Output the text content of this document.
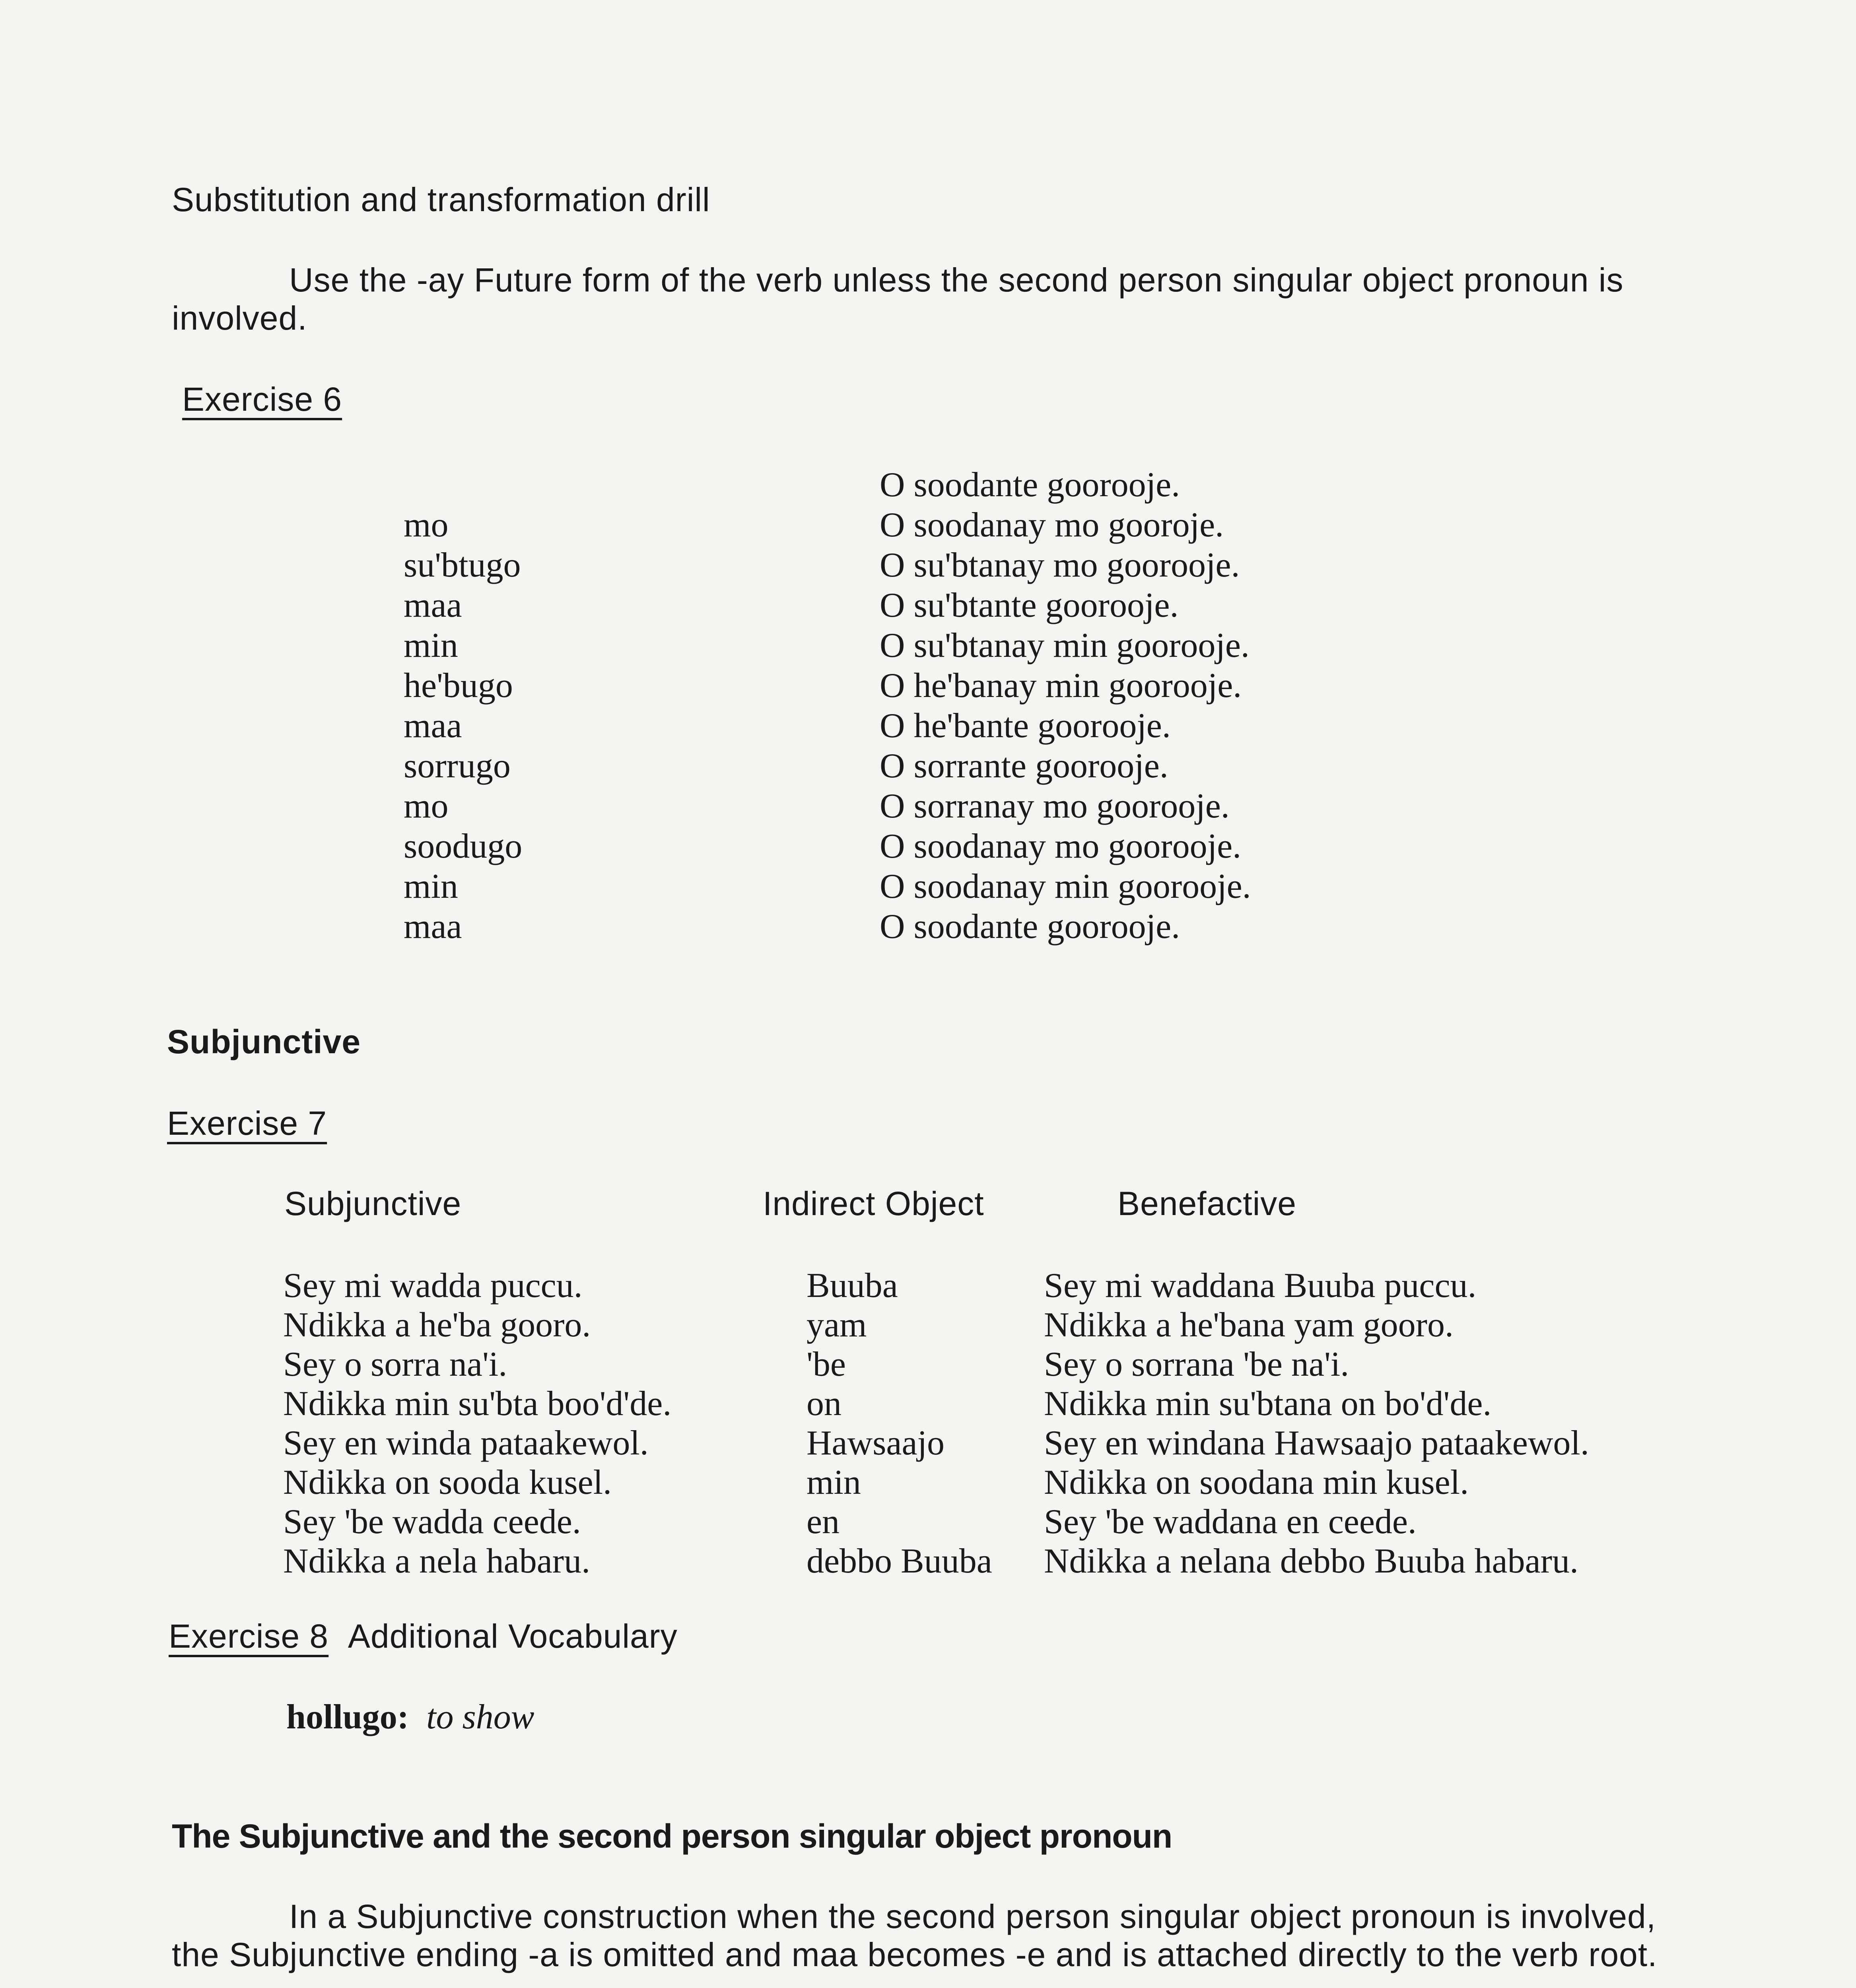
Substitution and transformation drill
Use the -ay Future form of the verb unless the second person singular object pronoun is involved.
Exercise 6
mo
su'btugo
maa
min
he'bugo
maa
sorrugo
mo
soodugo
min
maa
O soodante goorooje.
O soodanay mo gooroje.
O su'btanay mo goorooje.
O su'btante goorooje.
O su'btanay min goorooje.
O he'banay min goorooje.
O he'bante goorooje.
O sorrante goorooje.
O sorranay mo goorooje.
O soodanay mo goorooje.
O soodanay min goorooje.
O soodante goorooje.
Subjunctive
Exercise 7
Subjunctive	Indirect Object	Benefactive
Sey mi wadda puccu.
Ndikka a he'ba gooro.
Sey o sorra na'i.
Ndikka min su'bta boo'd'de.
Sey en winda pataakewol.
Ndikka on sooda kusel.
Sey 'be wadda ceede.
Ndikka a nela habaru.
Buuba
yam
'be
on
Hawsaajo
min
en
debbo Buuba
Sey mi waddana Buuba puccu.
Ndikka a he'bana yam gooro.
Sey o sorrana 'be na'i.
Ndikka min su'btana on bo'd'de.
Sey en windana Hawsaajo pataakewol.
Ndikka on soodana min kusel.
Sey 'be waddana en ceede.
Ndikka a nelana debbo Buuba habaru.
Exercise 8 Additional Vocabulary
hollugo: to show
The Subjunctive and the second person singular object pronoun
In a Subjunctive construction when the second person singular object pronoun is involved, the Subjunctive ending -a is omitted and maa becomes -e and is attached directly to the verb root.
